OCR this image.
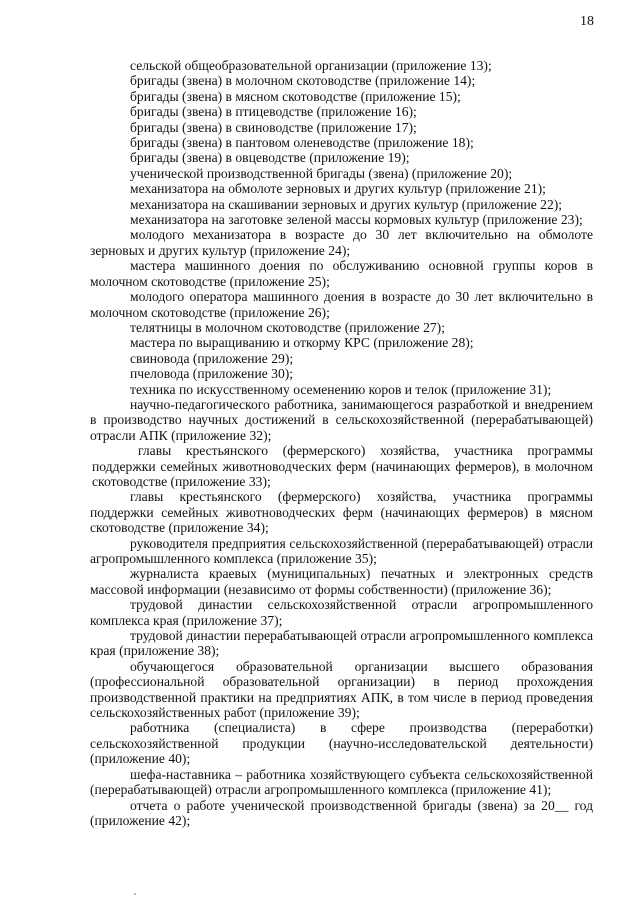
18

сельской общеобразовательной организации (приложение 13);

бригады (звена) в молочном скотоводстве (приложение 14);

бригады (звена) в мясном скотоводстве (приложение 15);

бригады (звена) в птицеводстве (приложение 16);

бригады (звена) в свиноводстве (приложение 17);

бригады (звена) в пантовом оленеводстве (приложение 18);

бригады (звена) в овцеводстве (приложение 19);

ученической производственной бригады (звена) (приложение 20);

механизатора на обмолоте зерновых и других культур (приложение 21);

механизатора на скашивании зерновых и других культур (приложение 22);

механизатора на заготовке зеленой массы кормовых культур (приложение 23);

молодого механизатора в возрасте до 30 лет включительно на обмолоте зерновых и других культур (приложение 24);

мастера машинного доения по обслуживанию основной группы коров в молочном скотоводстве (приложение 25);

молодого оператора машинного доения в возрасте до 30 лет включительно в молочном скотоводстве (приложение 26);

телятницы в молочном скотоводстве (приложение 27);

мастера по выращиванию и откорму КРС (приложение 28);

свиновода (приложение 29);

пчеловода (приложение 30);

техника по искусственному осеменению коров и телок (приложение 31);

научно-педагогического работника, занимающегося разработкой и внедрением в производство научных достижений в сельскохозяйственной (перерабатывающей) отрасли АПК (приложение 32);

главы крестьянского (фермерского) хозяйства, участника программы поддержки семейных животноводческих ферм (начинающих фермеров), в молочном скотоводстве (приложение 33);

главы крестьянского (фермерского) хозяйства, участника программы поддержки семейных животноводческих ферм (начинающих фермеров) в мясном скотоводстве (приложение 34);

руководителя предприятия сельскохозяйственной (перерабатывающей) отрасли агропромышленного комплекса (приложение 35);

журналиста краевых (муниципальных) печатных и электронных средств массовой информации (независимо от формы собственности) (приложение 36);

трудовой династии сельскохозяйственной отрасли агропромышленного комплекса края (приложение 37);

трудовой династии перерабатывающей отрасли агропромышленного комплекса края (приложение 38);

обучающегося образовательной организации высшего образования (профессиональной образовательной организации) в период прохождения производственной практики на предприятиях АПК, в том числе в период проведения сельскохозяйственных работ (приложение 39);

работника (специалиста) в сфере производства (переработки) сельскохозяйственной продукции (научно-исследовательской деятельности) (приложение 40);

шефа-наставника – работника хозяйствующего субъекта сельскохозяйственной (перерабатывающей) отрасли агропромышленного комплекса (приложение 41);

отчета о работе ученической производственной бригады (звена) за 20__ год (приложение 42);
